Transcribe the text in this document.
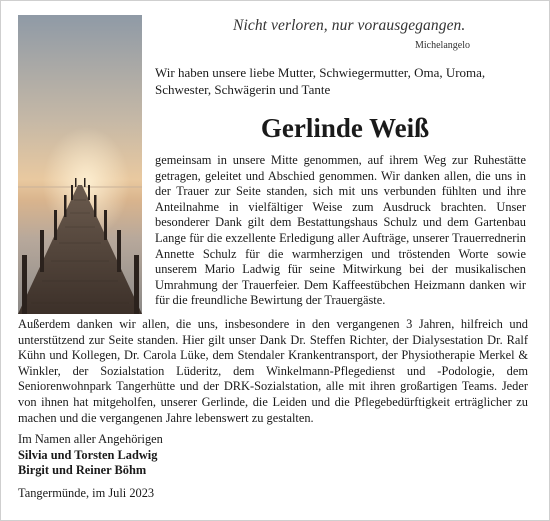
Nicht verloren, nur vorausgegangen.
Michelangelo
Wir haben unsere liebe Mutter, Schwiegermutter, Oma, Uroma, Schwester, Schwägerin und Tante
Gerlinde Weiß
gemeinsam in unsere Mitte genommen, auf ihrem Weg zur Ruhestätte getragen, geleitet und Abschied genommen. Wir danken allen, die uns in der Trauer zur Seite standen, sich mit uns verbunden fühlten und ihre Anteilnahme in vielfältiger Weise zum Ausdruck brachten. Unser besonderer Dank gilt dem Bestattungshaus Schulz und dem Gartenbau Lange für die exzellente Erledigung aller Aufträge, unserer Trauerrednerin Annette Schulz für die warmherzigen und tröstenden Worte sowie unserem Mario Ladwig für seine Mitwirkung bei der musikalischen Umrahmung der Trauerfeier. Dem Kaffeestübchen Heizmann danken wir für die freundliche Bewirtung der Trauergäste.
Außerdem danken wir allen, die uns, insbesondere in den vergangenen 3 Jahren, hilfreich und unterstützend zur Seite standen. Hier gilt unser Dank Dr. Steffen Richter, der Dialysestation Dr. Ralf Kühn und Kollegen, Dr. Carola Lüke, dem Stendaler Krankentransport, der Physiotherapie Merkel & Winkler, der Sozialstation Lüderitz, dem Winkelmann-Pflegedienst und -Podologie, dem Seniorenwohnpark Tangerhütte und der DRK-Sozialstation, alle mit ihren großartigen Teams. Jeder von ihnen hat mitgeholfen, unserer Gerlinde, die Leiden und die Pflegebedürftigkeit erträglicher zu machen und die vergangenen Jahre lebenswert zu gestalten.
Im Namen aller Angehörigen
Silvia und Torsten Ladwig
Birgit und Reiner Böhm
Tangermünde, im Juli 2023
